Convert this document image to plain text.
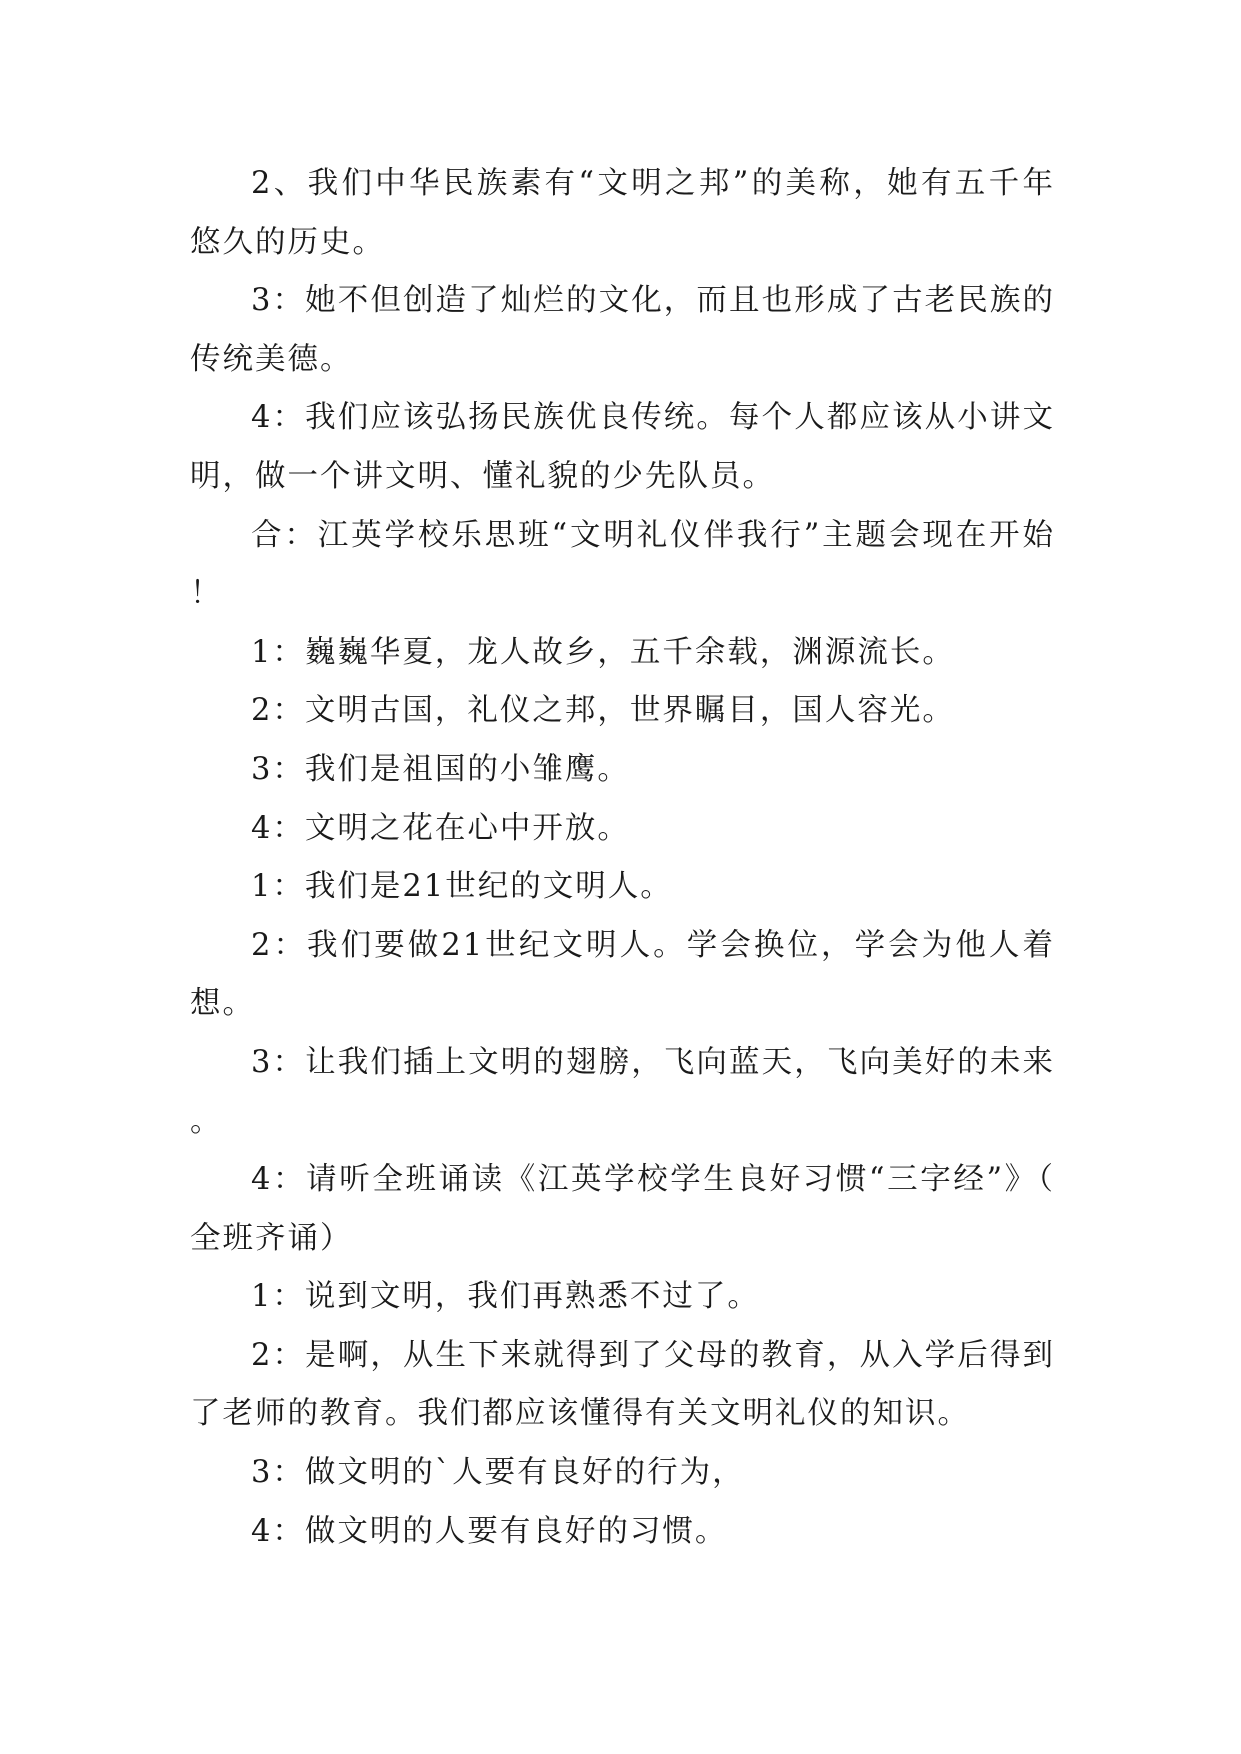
2、我们中华民族素有“文明之邦”的美称，她有五千年悠久的历史。

3：她不但创造了灿烂的文化，而且也形成了古老民族的传统美德。

4：我们应该弘扬民族优良传统。每个人都应该从小讲文明，做一个讲文明、懂礼貌的少先队员。

合：江英学校乐思班“文明礼仪伴我行”主题会现在开始！

1：巍巍华夏，龙人故乡，五千余载，渊源流长。

2：文明古国，礼仪之邦，世界瞩目，国人容光。

3：我们是祖国的小雏鹰。

4：文明之花在心中开放。

1：我们是21世纪的文明人。

2：我们要做21世纪文明人。学会换位，学会为他人着想。

3：让我们插上文明的翅膀，飞向蓝天，飞向美好的未来。

4：请听全班诵读《江英学校学生良好习惯“三字经”》（全班齐诵）

1：说到文明，我们再熟悉不过了。

2：是啊，从生下来就得到了父母的教育，从入学后得到了老师的教育。我们都应该懂得有关文明礼仪的知识。

3：做文明的`人要有良好的行为，

4：做文明的人要有良好的习惯。
